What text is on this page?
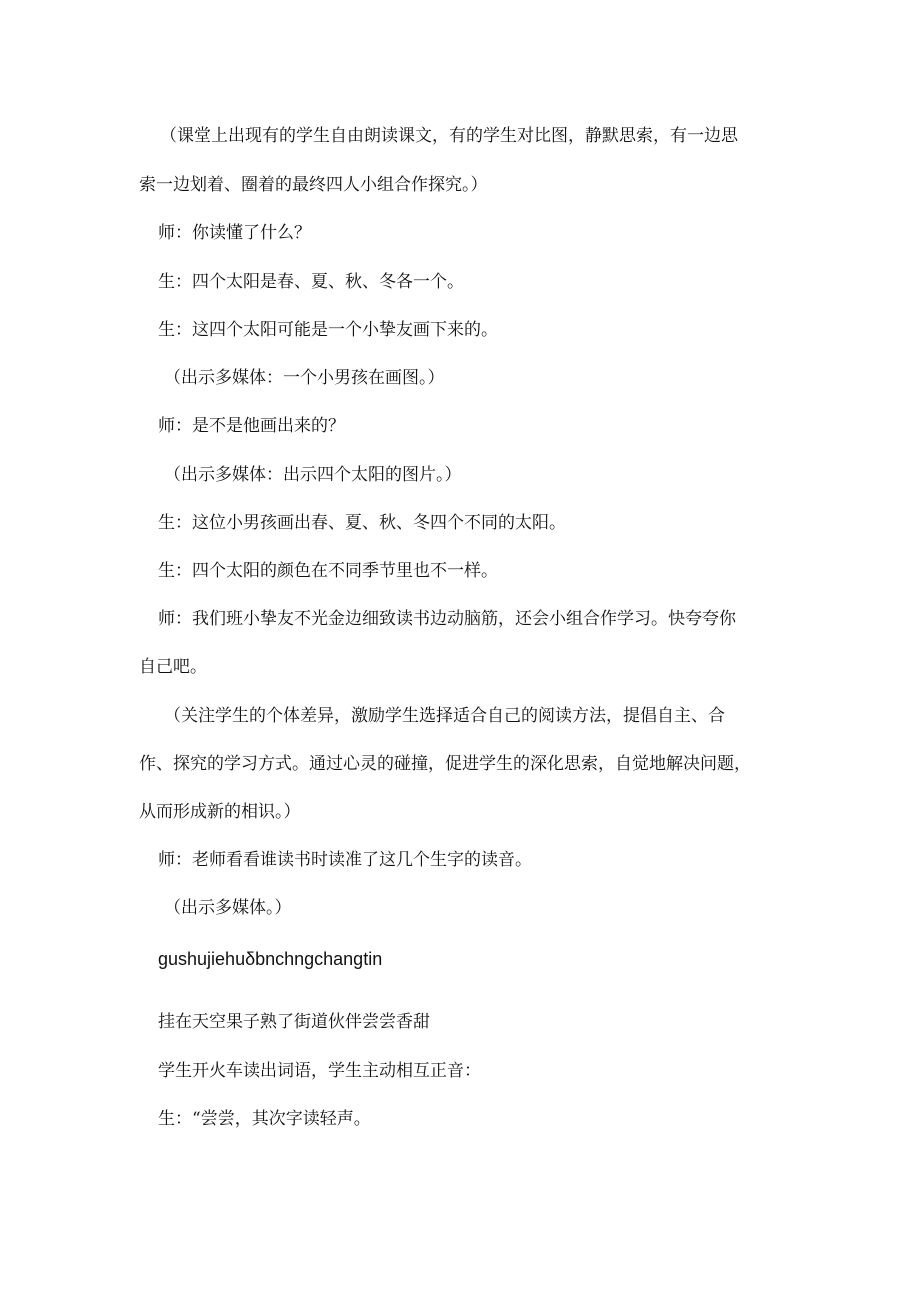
（课堂上出现有的学生自由朗读课文，有的学生对比图，静默思索，有一边思
索一边划着、圈着的最终四人小组合作探究。）
师：你读懂了什么？
生：四个太阳是春、夏、秋、冬各一个。
生：这四个太阳可能是一个小挚友画下来的。
（出示多媒体：一个小男孩在画图。）
师：是不是他画出来的？
（出示多媒体：出示四个太阳的图片。）
生：这位小男孩画出春、夏、秋、冬四个不同的太阳。
生：四个太阳的颜色在不同季节里也不一样。
师：我们班小挚友不光金边细致读书边动脑筋，还会小组合作学习。快夸夸你
自己吧。
（关注学生的个体差异，激励学生选择适合自己的阅读方法，提倡自主、合
作、探究的学习方式。通过心灵的碰撞，促进学生的深化思索，自觉地解决问题，
从而形成新的相识。）
师：老师看看谁读书时读准了这几个生字的读音。
（出示多媒体。）
gushujiehuδbnchngchangtin
挂在天空果子熟了街道伙伴尝尝香甜
学生开火车读出词语，学生主动相互正音：
生：“尝尝，其次字读轻声。
